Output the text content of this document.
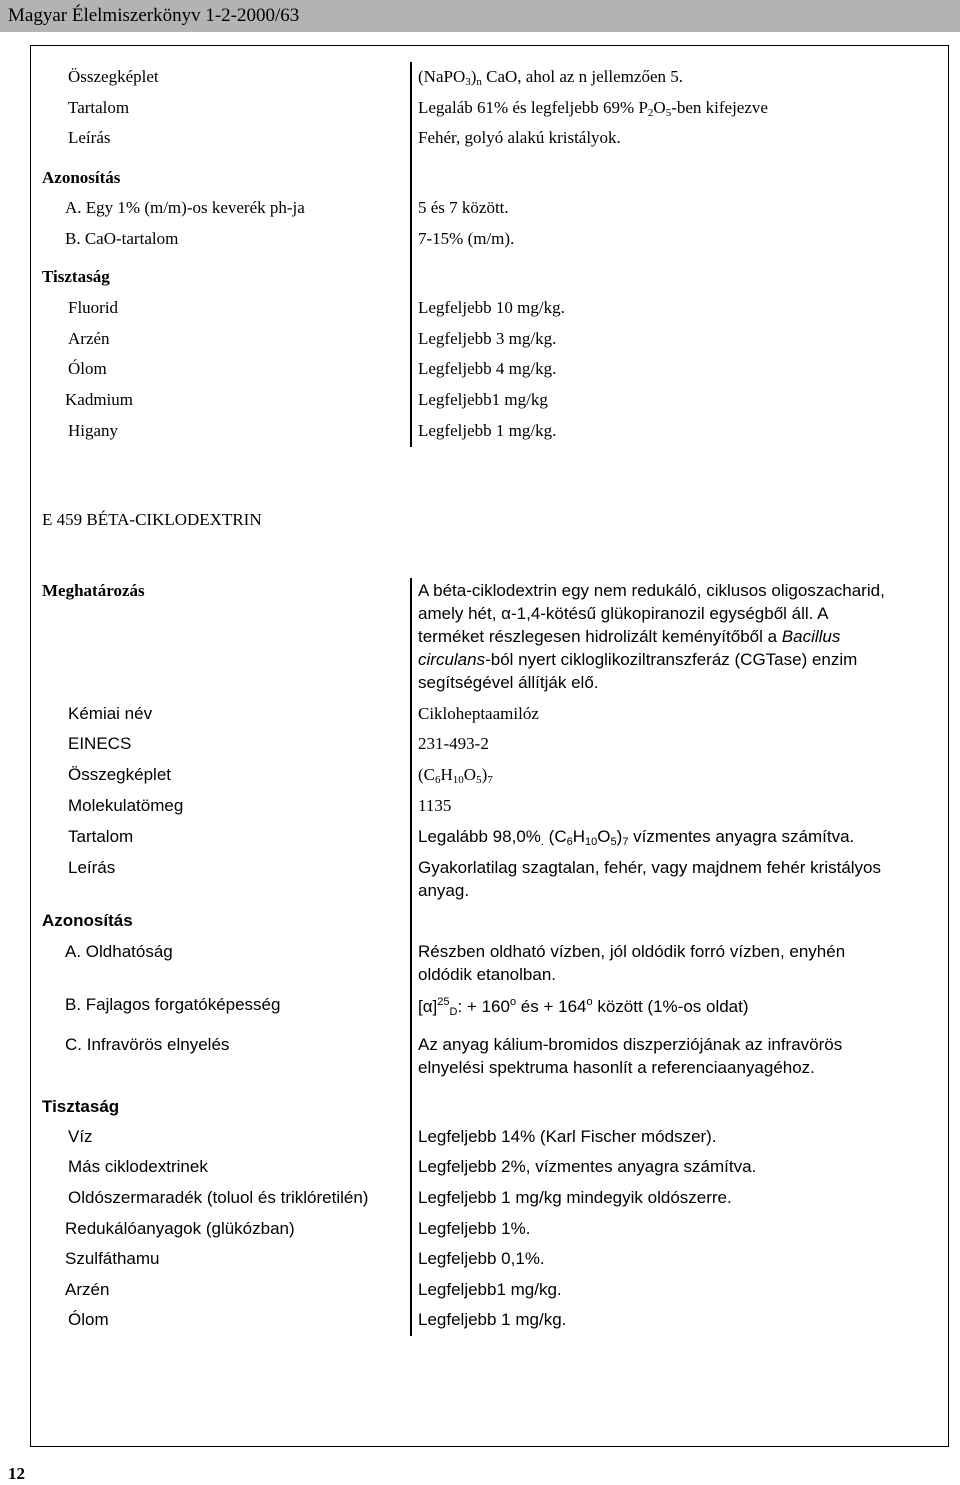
Magyar Élelmiszerkönyv 1-2-2000/63
Összegképlet	$(NaPO_3)_n$ CaO, ahol az n jellemzően 5.
Tartalom	Legaláb 61% és legfeljebb 69% $P_2O_5$-ben kifejezve
Leírás	Fehér, golyó alakú kristályok.
Azonosítás
A. Egy 1% (m/m)-os keverék ph-ja	5 és 7 között.
B. CaO-tartalom	7-15% (m/m).
Tisztaság
Fluorid	Legfeljebb 10 mg/kg.
Arzén	Legfeljebb 3 mg/kg.
Ólom	Legfeljebb 4 mg/kg.
Kadmium	Legfeljebb1 mg/kg
Higany	Legfeljebb 1 mg/kg.
E 459 BÉTA-CIKLODEXTRIN
Meghatározás	A béta-ciklodextrin egy nem redukáló, ciklusos oligoszacharid,
amely hét, α-1,4-kötésű glükopiranozil egységből áll. A
terméket részlegesen hidrolizált keményítőből a Bacillus
circulans-ból nyert cikloglikoziltranszferáz (CGTase) enzim
segítségével állítják elő.
Kémiai név	Cikloheptaamilóz
EINECS	231-493-2
Összegképlet	$(C_6H_{10}O_5)_7$
Molekulatömeg	1135
Tartalom	Legalább $98,0\%_.$ $(C_6H_{10}O_5)_7$ vízmentes anyagra számítva.
Leírás	Gyakorlatilag szagtalan, fehér, vagy majdnem fehér kristályos
anyag.
Azonosítás
A. Oldhatóság	Részben oldható vízben, jól oldódik forró vízben, enyhén
oldódik etanolban.
B. Fajlagos forgatóképesség	$[\alpha]^{25}_D$: + $160^o$ és + $164^o$ között (1%-os oldat)
C. Infravörös elnyelés	Az anyag kálium-bromidos diszperziójának az infravörös
elnyelési spektruma hasonlít a referenciaanyagéhoz.
Tisztaság
Víz	Legfeljebb 14% (Karl Fischer módszer).
Más ciklodextrinek	Legfeljebb 2%, vízmentes anyagra számítva.
Oldószermaradék (toluol és triklóretilén)	Legfeljebb 1 mg/kg mindegyik oldószerre.
Redukálóanyagok (glükózban)	Legfeljebb 1%.
Szulfáthamu	Legfeljebb 0,1%.
Arzén	Legfeljebb1 mg/kg.
Ólom	Legfeljebb 1 mg/kg.
12
